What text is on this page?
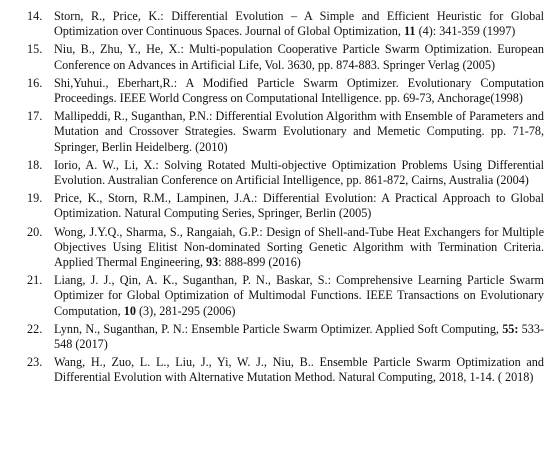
14. Storn, R., Price, K.: Differential Evolution – A Simple and Efficient Heuristic for Global Optimization over Continuous Spaces. Journal of Global Optimization, 11 (4): 341-359 (1997)
15. Niu, B., Zhu, Y., He, X.: Multi-population Cooperative Particle Swarm Optimization. European Conference on Advances in Artificial Life, Vol. 3630, pp. 874-883. Springer Verlag (2005)
16. Shi,Yuhui., Eberhart,R.: A Modified Particle Swarm Optimizer. Evolutionary Computation Proceedings. IEEE World Congress on Computational Intelligence. pp. 69-73, Anchorage(1998)
17. Mallipeddi, R., Suganthan, P.N.: Differential Evolution Algorithm with Ensemble of Parameters and Mutation and Crossover Strategies. Swarm Evolutionary and Memetic Computing. pp. 71-78, Springer, Berlin Heidelberg. (2010)
18. Iorio, A. W., Li, X.: Solving Rotated Multi-objective Optimization Problems Using Differential Evolution. Australian Conference on Artificial Intelligence, pp. 861-872, Cairns, Australia (2004)
19. Price, K., Storn, R.M., Lampinen, J.A.: Differential Evolution: A Practical Approach to Global Optimization. Natural Computing Series, Springer, Berlin (2005)
20. Wong, J.Y.Q., Sharma, S., Rangaiah, G.P.: Design of Shell-and-Tube Heat Exchangers for Multiple Objectives Using Elitist Non-dominated Sorting Genetic Algorithm with Termination Criteria. Applied Thermal Engineering, 93: 888-899 (2016)
21. Liang, J. J., Qin, A. K., Suganthan, P. N., Baskar, S.: Comprehensive Learning Particle Swarm Optimizer for Global Optimization of Multimodal Functions. IEEE Transactions on Evolutionary Computation, 10 (3), 281-295 (2006)
22. Lynn, N., Suganthan, P. N.: Ensemble Particle Swarm Optimizer. Applied Soft Computing, 55: 533-548 (2017)
23. Wang, H., Zuo, L. L., Liu, J., Yi, W. J., Niu, B.. Ensemble Particle Swarm Optimization and Differential Evolution with Alternative Mutation Method. Natural Computing, 2018, 1-14. ( 2018)
